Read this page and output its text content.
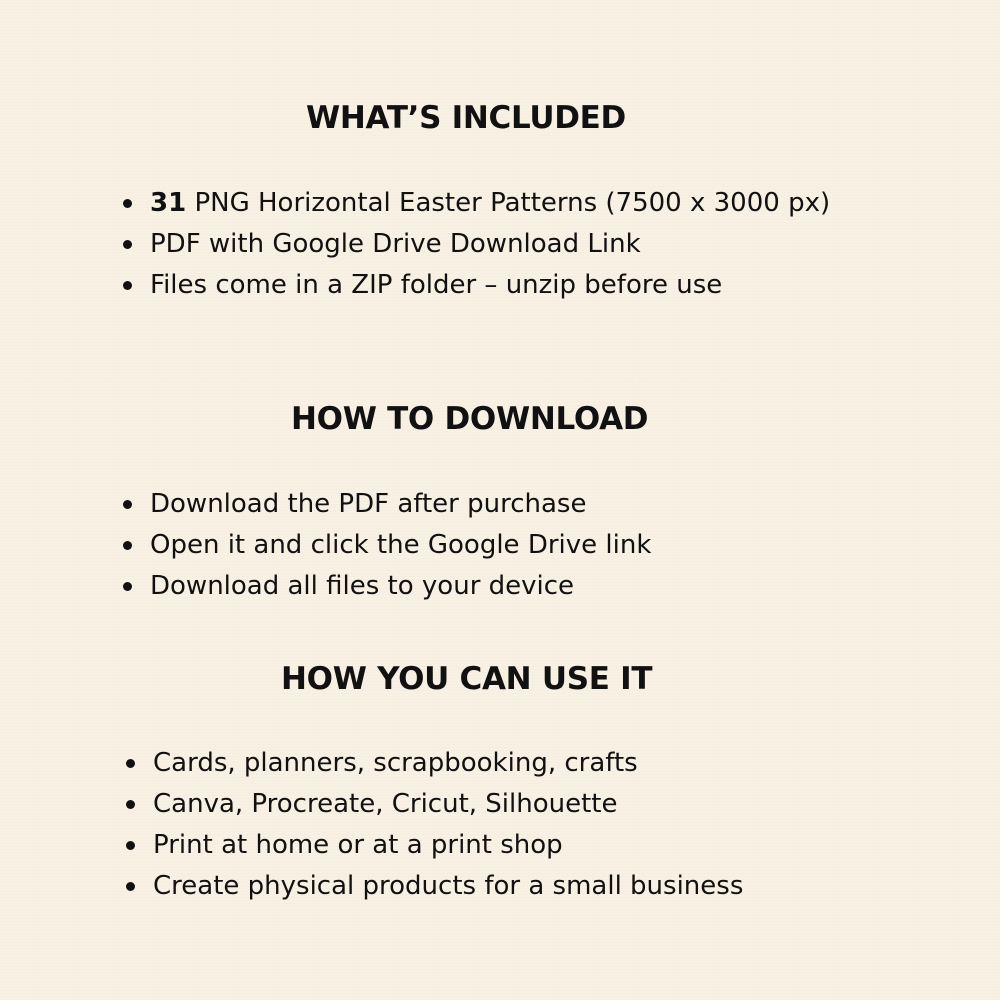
WHAT’S INCLUDED
31 PNG Horizontal Easter Patterns (7500 x 3000 px)
PDF with Google Drive Download Link
Files come in a ZIP folder – unzip before use
HOW TO DOWNLOAD
Download the PDF after purchase
Open it and click the Google Drive link
Download all files to your device
HOW YOU CAN USE IT
Cards, planners, scrapbooking, crafts
Canva, Procreate, Cricut, Silhouette
Print at home or at a print shop
Create physical products for a small business
